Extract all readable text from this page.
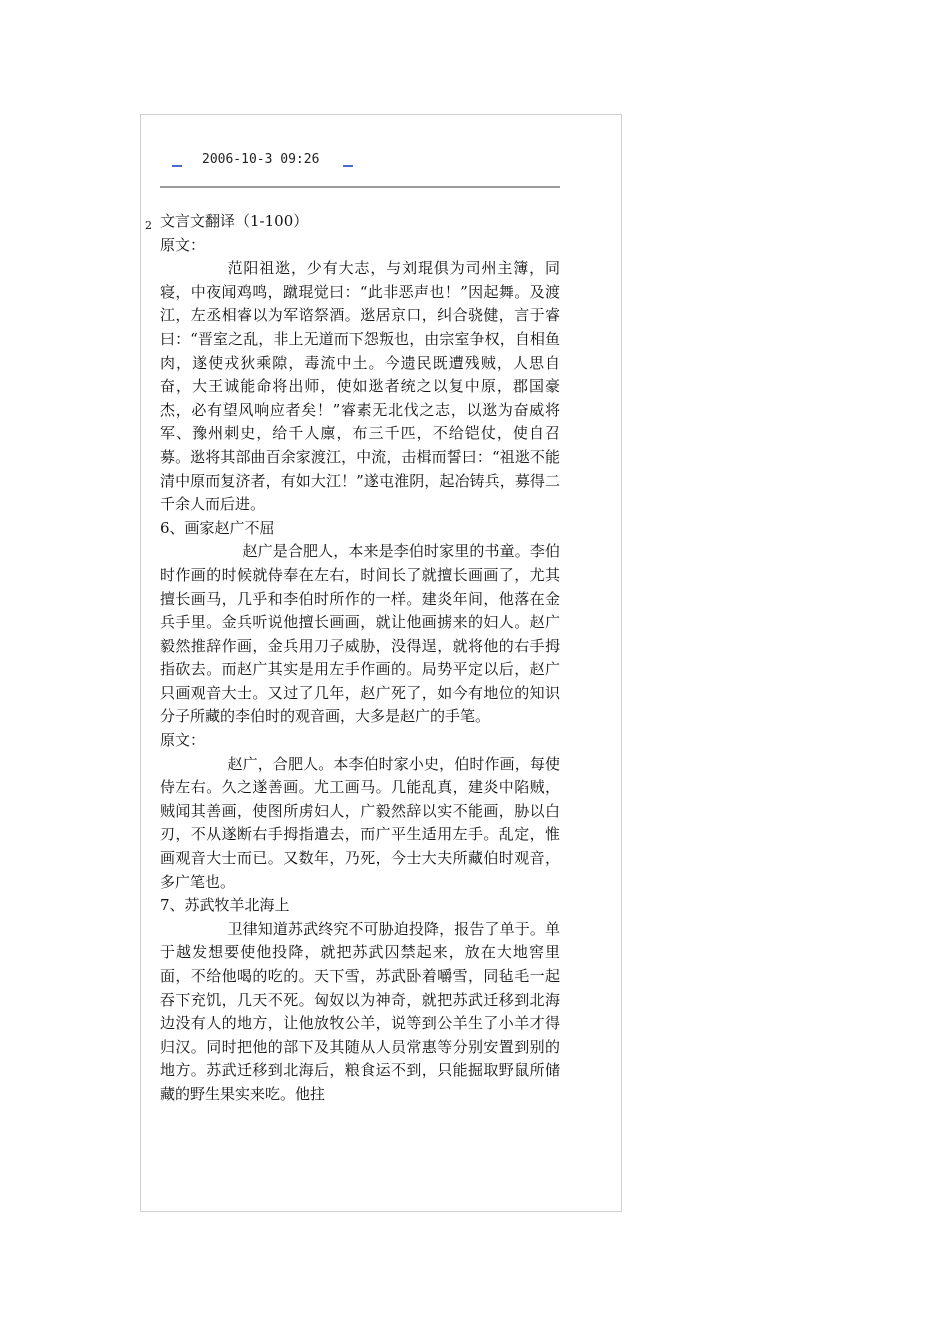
2006-10-3 09:26

2 文言文翻译（1-100）

原文：

范阳祖逖，少有大志，与刘琨俱为司州主簿，同寝，中夜闻鸡鸣，蹴琨觉曰：“此非恶声也！”因起舞。及渡江，左丞相睿以为军谘祭酒。逖居京口，纠合骁健，言于睿曰：“晋室之乱，非上无道而下怨叛也，由宗室争权，自相鱼肉，遂使戎狄乘隙，毒流中土。今遗民既遭残贼，人思自奋，大王诚能命将出师，使如逖者统之以复中原，郡国豪杰，必有望风响应者矣！”睿素无北伐之志，以逖为奋威将军、豫州刺史，给千人廪，布三千匹，不给铠仗，使自召募。逖将其部曲百余家渡江，中流，击楫而誓曰：“祖逖不能清中原而复济者，有如大江！”遂屯淮阴，起冶铸兵，募得二千余人而后进。

6、画家赵广不屈

赵广是合肥人，本来是李伯时家里的书童。李伯时作画的时候就侍奉在左右，时间长了就擅长画画了，尤其擅长画马，几乎和李伯时所作的一样。建炎年间，他落在金兵手里。金兵听说他擅长画画，就让他画掳来的妇人。赵广毅然推辞作画，金兵用刀子威胁，没得逞，就将他的右手拇指砍去。而赵广其实是用左手作画的。局势平定以后，赵广只画观音大士。又过了几年，赵广死了，如今有地位的知识分子所藏的李伯时的观音画，大多是赵广的手笔。

原文：

赵广，合肥人。本李伯时家小史，伯时作画，每使侍左右。久之遂善画。尤工画马。几能乱真，建炎中陷贼，贼闻其善画，使图所虏妇人，广毅然辞以实不能画，胁以白刃，不从遂断右手拇指遣去，而广平生适用左手。乱定，惟画观音大士而已。又数年，乃死，今士大夫所藏伯时观音，多广笔也。

7、苏武牧羊北海上

卫律知道苏武终究不可胁迫投降，报告了单于。单于越发想要使他投降，就把苏武囚禁起来，放在大地窖里面，不给他喝的吃的。天下雪，苏武卧着嚼雪，同毡毛一起吞下充饥，几天不死。匈奴以为神奇，就把苏武迁移到北海边没有人的地方，让他放牧公羊，说等到公羊生了小羊才得归汉。同时把他的部下及其随从人员常惠等分别安置到别的地方。苏武迁移到北海后，粮食运不到，只能掘取野鼠所储藏的野生果实来吃。他拄
